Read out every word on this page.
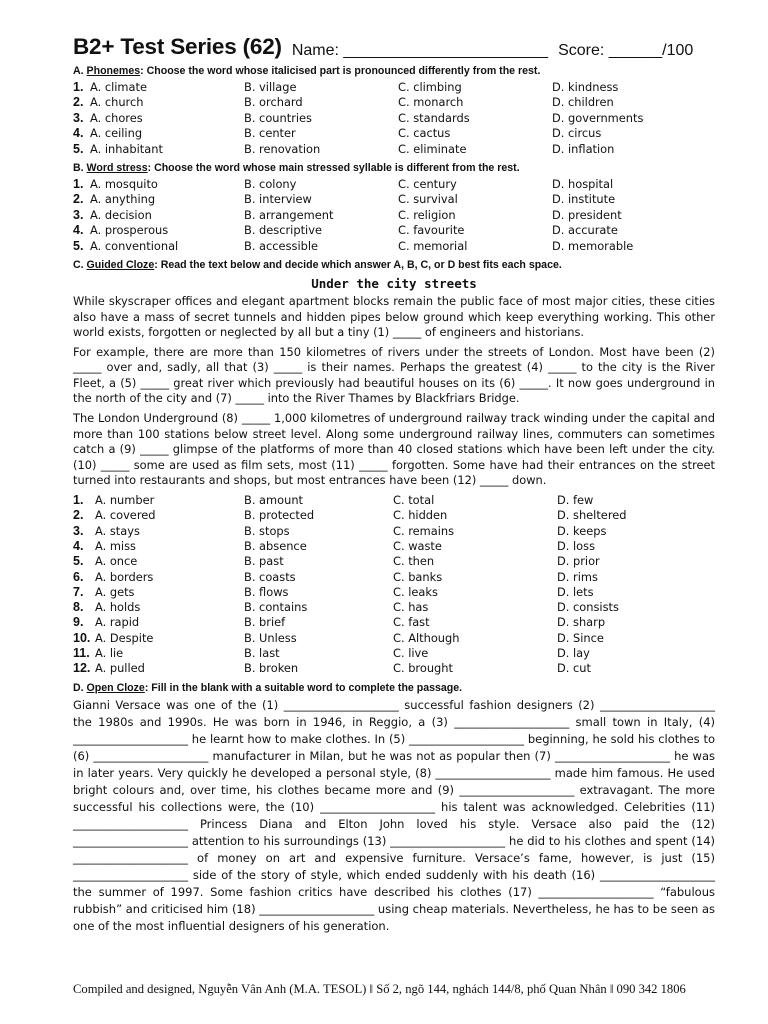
B2+ Test Series (62) Name: _______________________ Score: ______/100
A. Phonemes: Choose the word whose italicised part is pronounced differently from the rest.
1. A. climate	B. village	C. climbing	D. kindness
2. A. church	B. orchard	C. monarch	D. children
3. A. chores	B. countries	C. standards	D. governments
4. A. ceiling	B. center	C. cactus	D. circus
5. A. inhabitant	B. renovation	C. eliminate	D. inflation
B. Word stress: Choose the word whose main stressed syllable is different from the rest.
1. A. mosquito	B. colony	C. century	D. hospital
2. A. anything	B. interview	C. survival	D. institute
3. A. decision	B. arrangement	C. religion	D. president
4. A. prosperous	B. descriptive	C. favourite	D. accurate
5. A. conventional	B. accessible	C. memorial	D. memorable
C. Guided Cloze: Read the text below and decide which answer A, B, C, or D best fits each space.
Under the city streets

While skyscraper offices and elegant apartment blocks remain the public face of most major cities, these cities also have a mass of secret tunnels and hidden pipes below ground which keep everything working. This other world exists, forgotten or neglected by all but a tiny (1) _____ of engineers and historians.

For example, there are more than 150 kilometres of rivers under the streets of London. Most have been (2) _____ over and, sadly, all that (3) _____ is their names. Perhaps the greatest (4) _____ to the city is the River Fleet, a (5) _____ great river which previously had beautiful houses on its (6) _____. It now goes underground in the north of the city and (7) _____ into the River Thames by Blackfriars Bridge.

The London Underground (8) _____ 1,000 kilometres of underground railway track winding under the capital and more than 100 stations below street level. Along some underground railway lines, commuters can sometimes catch a (9) _____ glimpse of the platforms of more than 40 closed stations which have been left under the city. (10) _____ some are used as film sets, most (11) _____ forgotten. Some have had their entrances on the street turned into restaurants and shops, but most entrances have been (12) _____ down.

1.	A. number	B. amount	C. total	D. few
2.	A. covered	B. protected	C. hidden	D. sheltered
3.	A. stays	B. stops	C. remains	D. keeps
4.	A. miss	B. absence	C. waste	D. loss
5.	A. once	B. past	C. then	D. prior
6.	A. borders	B. coasts	C. banks	D. rims
7.	A. gets	B. flows	C. leaks	D. lets
8.	A. holds	B. contains	C. has	D. consists
9.	A. rapid	B. brief	C. fast	D. sharp
10. A. Despite	B. Unless	C. Although	D. Since
11. A. lie	B. last	C. live	D. lay
12. A. pulled	B. broken	C. brought	D. cut
D. Open Cloze: Fill in the blank with a suitable word to complete the passage.

Gianni Versace was one of the (1) ____________________ successful fashion designers (2) ____________________ the 1980s and 1990s. He was born in 1946, in Reggio, a (3) ____________________ small town in Italy, (4) ____________________ he learnt how to make clothes. In (5) ____________________ beginning, he sold his clothes to (6) ____________________ manufacturer in Milan, but he was not as popular then (7) ____________________ he was in later years. Very quickly he developed a personal style, (8) ____________________ made him famous. He used bright colours and, over time, his clothes became more and (9) ____________________ extravagant. The more successful his collections were, the (10) ____________________ his talent was acknowledged. Celebrities (11) ____________________ Princess Diana and Elton John loved his style. Versace also paid the (12) ____________________ attention to his surroundings (13) ____________________ he did to his clothes and spent (14) ____________________ of money on art and expensive furniture. Versace’s fame, however, is just (15) ____________________ side of the story of style, which ended suddenly with his death (16) ____________________ the summer of 1997. Some fashion critics have described his clothes (17) ____________________ “fabulous rubbish” and criticised him (18) ____________________ using cheap materials. Nevertheless, he has to be seen as one of the most influential designers of his generation.

Compiled and designed, Nguyễn Vân Anh (M.A. TESOL) ǁ Số 2, ngõ 144, nghách 144/8, phố Quan Nhân ǁ 090 342 1806
